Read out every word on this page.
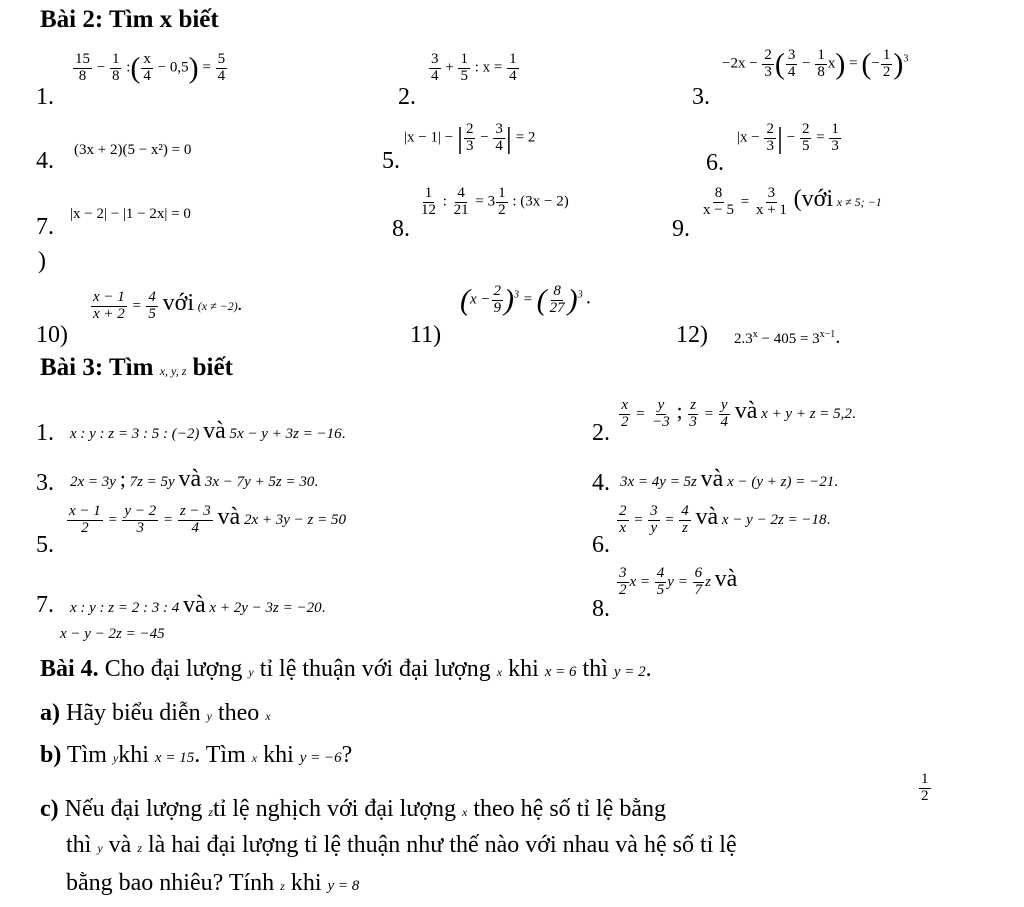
Bài 2: Tìm x biết
1.
$\frac{15}{8} - \frac{1}{8}$ :( $\frac{x}{4} - 0,5) = \frac{5}{4}$
2.
$\frac{3}{4} + \frac{1}{5}$ : $x = \frac{1}{4}$
3.
$-2x - \frac{2}{3}$ ( $\frac{3}{4} - \frac{1}{8} x$) = (− $\frac{1}{2} )^3$
4. (3x + 2)(5 − x²) = 0	5.
|x − 1| − | $\frac{2}{3} - \frac{3}{4}$ | = 2
6.
$|x - \frac{2}{3}$ | − $\frac{2}{5} = \frac{1}{3}$
7. |x − 2| − |1 − 2x| = 0
8.
$\frac{1}{12}$ : $\frac{4}{21} = 3 \frac{1}{2}$ : (3x − 2)
9.
$\frac{8}{x - 5} = \frac{3}{x + 1}$ (với x ≠ 5; −1
)
10)
$\frac{x - 1}{x + 2} = \frac{4}{5}$ với (x ≠ −2).
11)
$(x - \frac{2}{9} )^3$ = ( $\frac{8}{27} )^3$ .
12) $2.3^x - 405 = 3^{x-1}$.
Bài 3: Tìm x, y, z biết
1. x : y : z = 3 : 5 : (−2) và 5x − y + 3z = −16.	2.
$\frac{x}{2} = \frac{y}{-3}$ ; $\frac{z}{3} = \frac{y}{4}$ và x + y + z = 5,2.
3. 2x = 3y ; 7z = 5y và 3x − 7y + 5z = 30.	4. 3x = 4y = 5z và x − (y + z) = −21.
5.
$\frac{x - 1}{2} = \frac{y - 2}{3} = \frac{z - 3}{4}$ và 2x + 3y − z = 50
6.
$\frac{2}{x} = \frac{3}{y} = \frac{4}{z}$ và x − y − 2z = −18.
7. x : y : z = 2 : 3 : 4 và x + 2y − 3z = −20.
x − y − 2z = −45
8.
$\frac{3}{2}$ $x = \frac{4}{5}$ $y = \frac{6}{7}$ z và
Bài 4. Cho đại lượng y tỉ lệ thuận với đại lượng x khi x = 6 thì y = 2.
a) Hãy biểu diễn y theo x
b) Tìm ykhi x = 15. Tìm x khi y = −6?
c) Nếu đại lượng ztỉ lệ nghịch với đại lượng x theo hệ số tỉ lệ bằng
$\frac{1}{2}$
thì y và z là hai đại lượng tỉ lệ thuận như thế nào với nhau và hệ số tỉ lệ
bằng bao nhiêu? Tính z khi y = 8
